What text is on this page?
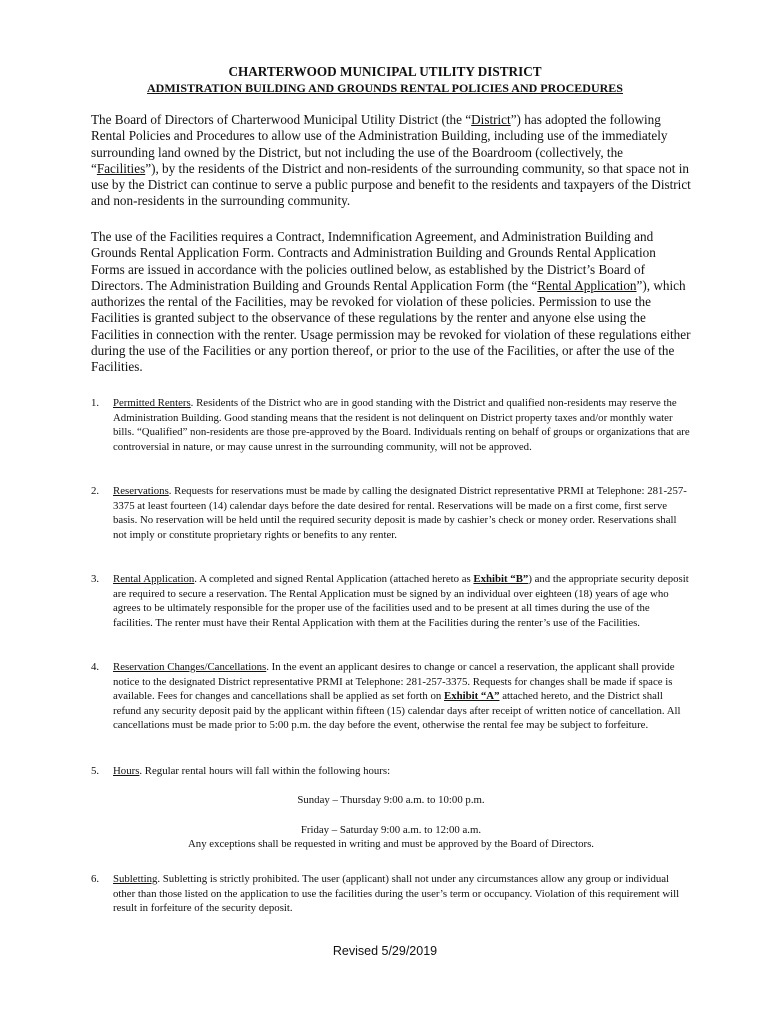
CHARTERWOOD MUNICIPAL UTILITY DISTRICT
ADMISTRATION BUILDING AND GROUNDS RENTAL POLICIES AND PROCEDURES

The Board of Directors of Charterwood Municipal Utility District (the “District”) has adopted the following Rental Policies and Procedures to allow use of the Administration Building, including use of the immediately surrounding land owned by the District, but not including the use of the Boardroom (collectively, the “Facilities”), by the residents of the District and non-residents of the surrounding community, so that space not in use by the District can continue to serve a public purpose and benefit to the residents and taxpayers of the District and non-residents in the surrounding community.

The use of the Facilities requires a Contract, Indemnification Agreement, and Administration Building and Grounds Rental Application Form. Contracts and Administration Building and Grounds Rental Application Forms are issued in accordance with the policies outlined below, as established by the District’s Board of Directors. The Administration Building and Grounds Rental Application Form (the “Rental Application”), which authorizes the rental of the Facilities, may be revoked for violation of these policies. Permission to use the Facilities is granted subject to the observance of these regulations by the renter and anyone else using the Facilities in connection with the renter. Usage permission may be revoked for violation of these regulations either during the use of the Facilities or any portion thereof, or prior to the use of the Facilities, or after the use of the Facilities.

1.	Permitted Renters. Residents of the District who are in good standing with the District and qualified non-residents may reserve the Administration Building. Good standing means that the resident is not delinquent on District property taxes and/or monthly water bills. “Qualified” non-residents are those pre-approved by the Board. Individuals renting on behalf of groups or organizations that are controversial in nature, or may cause unrest in the surrounding community, will not be approved.
2.	Reservations. Requests for reservations must be made by calling the designated District representative PRMI at Telephone: 281-257-3375 at least fourteen (14) calendar days before the date desired for rental. Reservations will be made on a first come, first serve basis. No reservation will be held until the required security deposit is made by cashier’s check or money order. Reservations shall not imply or constitute proprietary rights or benefits to any renter.
3.	Rental Application. A completed and signed Rental Application (attached hereto as Exhibit “B”) and the appropriate security deposit are required to secure a reservation. The Rental Application must be signed by an individual over eighteen (18) years of age who agrees to be ultimately responsible for the proper use of the facilities used and to be present at all times during the use of the facilities. The renter must have their Rental Application with them at the Facilities during the renter’s use of the Facilities.
4.	Reservation Changes/Cancellations. In the event an applicant desires to change or cancel a reservation, the applicant shall provide notice to the designated District representative PRMI at Telephone: 281-257-3375. Requests for changes shall be made if space is available. Fees for changes and cancellations shall be applied as set forth on Exhibit “A” attached hereto, and the District shall refund any security deposit paid by the applicant within fifteen (15) calendar days after receipt of written notice of cancellation. All cancellations must be made prior to 5:00 p.m. the day before the event, otherwise the rental fee may be subject to forfeiture.
5.	Hours. Regular rental hours will fall within the following hours:
Sunday – Thursday 9:00 a.m. to 10:00 p.m.
Friday – Saturday 9:00 a.m. to 12:00 a.m.
Any exceptions shall be requested in writing and must be approved by the Board of Directors.
6.	Subletting. Subletting is strictly prohibited. The user (applicant) shall not under any circumstances allow any group or individual other than those listed on the application to use the facilities during the user’s term or occupancy. Violation of this requirement will result in forfeiture of the security deposit.
Revised 5/29/2019
